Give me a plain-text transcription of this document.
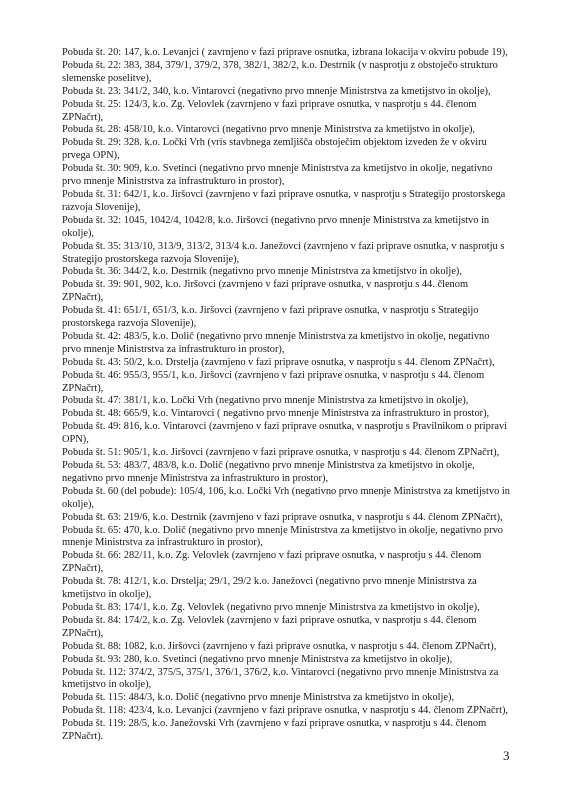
Pobuda št. 20: 147, k.o. Levanjci ( zavrnjeno v fazi priprave osnutka, izbrana lokacija v okviru pobude 19),

Pobuda št. 22: 383, 384, 379/1, 379/2, 378, 382/1, 382/2, k.o. Destrnik (v nasprotju z obstoječo strukturo slemenske poselitve),

Pobuda št. 23: 341/2, 340, k.o. Vintarovci (negativno prvo mnenje Ministrstva za kmetijstvo in okolje),

Pobuda št. 25: 124/3, k.o. Zg. Velovlek (zavrnjeno v fazi priprave osnutka, v nasprotju s 44. členom ZPNačrt),

Pobuda št. 28: 458/10, k.o. Vintarovci (negativno prvo mnenje Ministrstva za kmetijstvo in okolje),

Pobuda št. 29: 328. k.o. Ločki Vrh (vris stavbnega zemljišča obstoječim objektom izveden že v okviru prvega OPN),

Pobuda št. 30: 909, k.o. Svetinci (negativno prvo mnenje Ministrstva za kmetijstvo in okolje, negativno prvo mnenje Ministrstva za infrastrukturo in prostor),

Pobuda št. 31: 642/1, k.o. Jiršovci (zavrnjeno v fazi priprave osnutka, v nasprotju s Strategijo prostorskega razvoja Slovenije),

Pobuda št. 32: 1045, 1042/4, 1042/8, k.o. Jiršovci (negativno prvo mnenje Ministrstva za kmetijstvo in okolje),

Pobuda št. 35: 313/10, 313/9, 313/2, 313/4 k.o. Janežovci (zavrnjeno v fazi priprave osnutka, v nasprotju s Strategijo prostorskega razvoja Slovenije),

Pobuda št. 36: 344/2, k.o. Destrnik (negativno prvo mnenje Ministrstva za kmetijstvo in okolje),

Pobuda št. 39: 901, 902, k.o. Jiršovci (zavrnjeno v fazi priprave osnutka, v nasprotju s 44. členom ZPNačrt),

Pobuda št. 41: 651/1, 651/3, k.o. Jiršovci (zavrnjeno v fazi priprave osnutka, v nasprotju s Strategijo prostorskega razvoja Slovenije),

Pobuda št. 42: 483/5, k.o. Dolič (negativno prvo mnenje Ministrstva za kmetijstvo in okolje, negativno prvo mnenje Ministrstva za infrastrukturo in prostor),

Pobuda št. 43: 50/2, k.o. Drstelja (zavrnjeno v fazi priprave osnutka, v nasprotju s 44. členom ZPNačrt),

Pobuda št. 46: 955/3, 955/1, k.o. Jiršovci (zavrnjeno v fazi priprave osnutka, v nasprotju s 44. členom ZPNačrt),

Pobuda št. 47: 381/1, k.o. Ločki Vrh (negativno prvo mnenje Ministrstva za kmetijstvo in okolje),

Pobuda št. 48: 665/9, k.o. Vintarovci ( negativno prvo mnenje Ministrstva za infrastrukturo in prostor),

Pobuda št. 49: 816, k.o. Vintarovci (zavrnjeno v fazi priprave osnutka, v nasprotju s Pravilnikom o pripravi OPN),

Pobuda št. 51: 905/1, k.o. Jiršovci (zavrnjeno v fazi priprave osnutka, v nasprotju s 44. členom ZPNačrt),

Pobuda št. 53: 483/7, 483/8, k.o. Dolič (negativno prvo mnenje Ministrstva za kmetijstvo in okolje, negativno prvo mnenje Ministrstva za infrastrukturo in prostor),

Pobuda št. 60 (del pobude): 105/4, 106, k.o. Ločki Vrh (negativno prvo mnenje Ministrstva za kmetijstvo in okolje),

Pobuda št. 63: 219/6, k.o. Destrnik (zavrnjeno v fazi priprave osnutka, v nasprotju s 44. členom ZPNačrt),

Pobuda št. 65: 470, k.o. Dolič (negativno prvo mnenje Ministrstva za kmetijstvo in okolje, negativno prvo mnenje Ministrstva za infrastrukturo in prostor),

Pobuda št. 66: 282/11, k.o. Zg. Velovlek (zavrnjeno v fazi priprave osnutka, v nasprotju s 44. členom ZPNačrt),

Pobuda št. 78: 412/1, k.o. Drstelja; 29/1, 29/2 k.o. Janežovci (negativno prvo mnenje Ministrstva za kmetijstvo in okolje),

Pobuda št. 83: 174/1, k.o. Zg. Velovlek (negativno prvo mnenje Ministrstva za kmetijstvo in okolje),

Pobuda št. 84: 174/2, k.o. Zg. Velovlek (zavrnjeno v fazi priprave osnutka, v nasprotju s 44. členom ZPNačrt),

Pobuda št. 88: 1082, k.o. Jiršovci (zavrnjeno v fazi priprave osnutka, v nasprotju s 44. členom ZPNačrt),

Pobuda št. 93: 280, k.o. Svetinci (negativno prvo mnenje Ministrstva za kmetijstvo in okolje),

Pobuda št. 112: 374/2, 375/5, 375/1, 376/1, 376/2, k.o. Vintarovci (negativno prvo mnenje Ministrstva za kmetijstvo in okolje),

Pobuda št. 115: 484/3, k.o. Dolič (negativno prvo mnenje Ministrstva za kmetijstvo in okolje),

Pobuda št. 118: 423/4, k.o. Levanjci (zavrnjeno v fazi priprave osnutka, v nasprotju s 44. členom ZPNačrt),

Pobuda št. 119: 28/5, k.o. Janežovski Vrh (zavrnjeno v fazi priprave osnutka, v nasprotju s 44. členom ZPNačrt).

3
